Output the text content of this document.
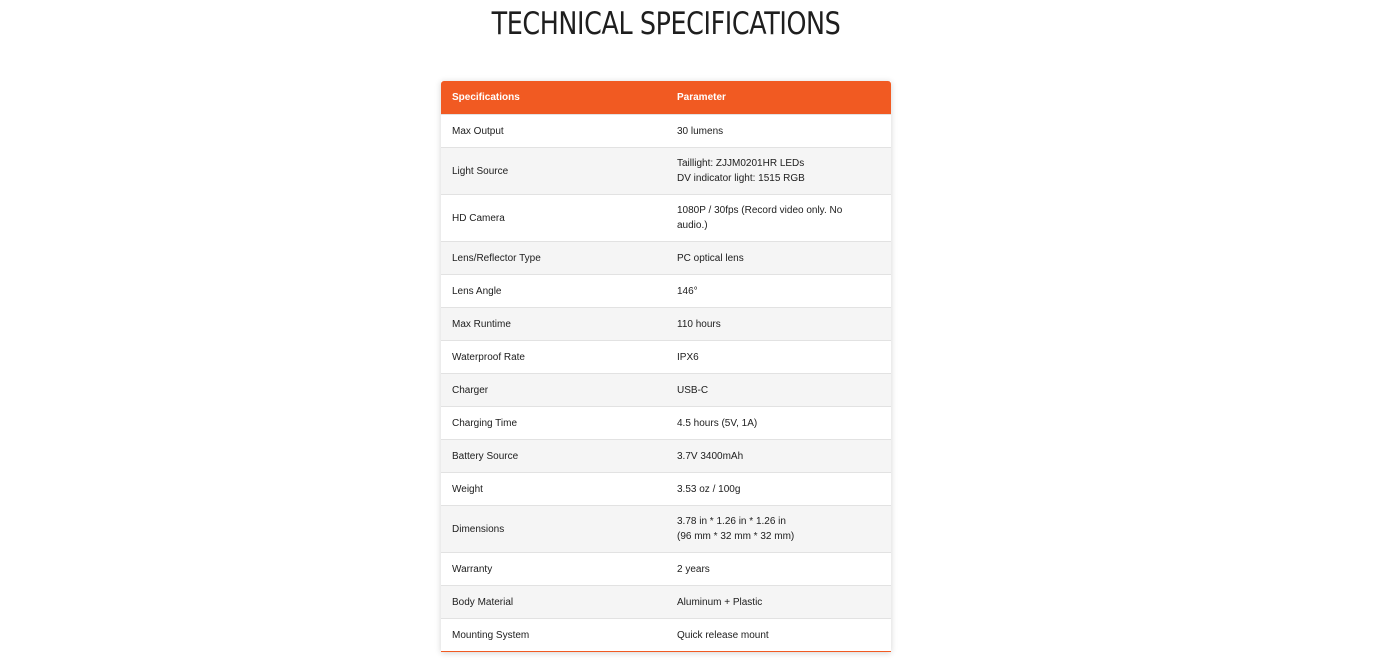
TECHNICAL SPECIFICATIONS
Specifications	Parameter
Max Output	30 lumens

Light Source	Taillight: ZJJM0201HR LEDs
DV indicator light: 1515 RGB

HD Camera	1080P / 30fps (Record video only. No
audio.)

Lens/Reflector Type	PC optical lens

Lens Angle	146°

Max Runtime	110 hours

Waterproof Rate	IPX6

Charger	USB-C

Charging Time	4.5 hours (5V, 1A)

Battery Source	3.7V 3400mAh

Weight	3.53 oz / 100g

Dimensions	3.78 in * 1.26 in * 1.26 in
(96 mm * 32 mm * 32 mm)

Warranty	2 years

Body Material	Aluminum + Plastic

Mounting System	Quick release mount
